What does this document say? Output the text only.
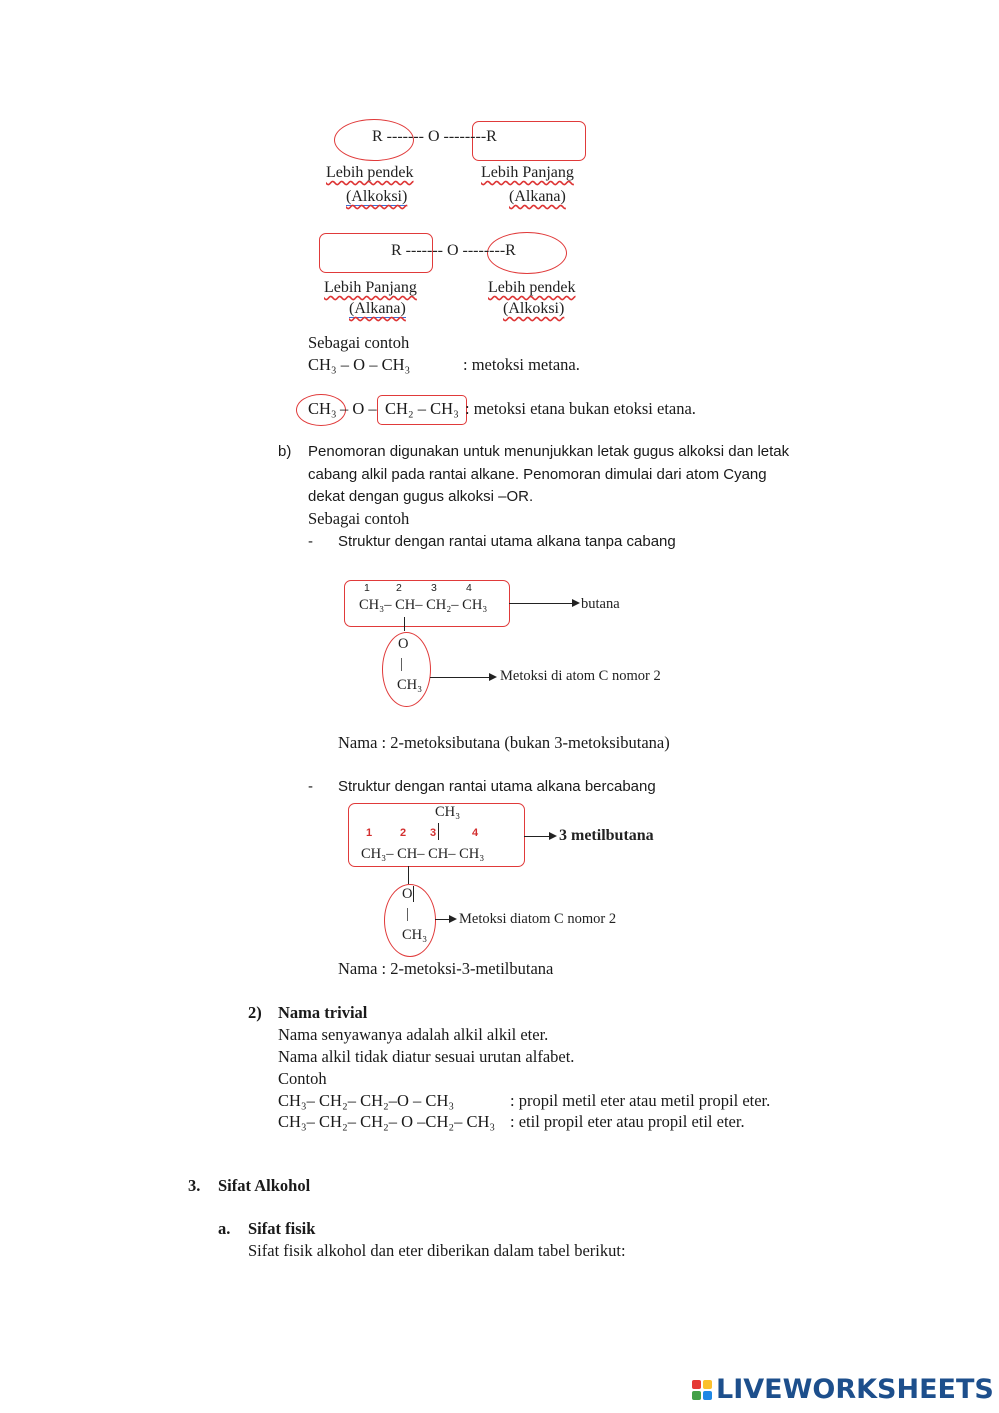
R ------- O --------R
Lebih pendek
(Alkoksi)
Lebih Panjang
(Alkana)
R ------- O --------R
Lebih Panjang
(Alkana)
Lebih pendek
(Alkoksi)
Sebagai contoh
CH₃ – O – CH₃	: metoksi metana.
CH₃ – O – CH₂ – CH₃ : metoksi etana bukan etoksi etana.
b) Penomoran digunakan untuk menunjukkan letak gugus alkoksi dan letak
cabang alkil pada rantai alkane. Penomoran dimulai dari atom Cyang
dekat dengan gugus alkoksi –OR.
Sebagai contoh
- Struktur dengan rantai utama alkana tanpa cabang
1 2	3	4
CH₃– CH– CH₂– CH₃	butana
O
|
CH₃
Metoksi di atom C nomor 2
Nama : 2-metoksibutana (bukan 3-metoksibutana)
- Struktur dengan rantai utama alkana bercabang
CH₃
1	2 3	4
CH₃– CH– CH– CH₃
3 metilbutana
O
|
CH₃
Metoksi diatom C nomor 2
Nama : 2-metoksi-3-metilbutana
2) Nama trivial
Nama senyawanya adalah alkil alkil eter.
Nama alkil tidak diatur sesuai urutan alfabet.
Contoh
CH₃– CH₂– CH₂–O – CH₃	: propil metil eter atau metil propil eter.
CH₃– CH₂– CH₂– O –CH₂– CH₃ : etil propil eter atau propil etil eter.
3. Sifat Alkohol
a. Sifat fisik
Sifat fisik alkohol dan eter diberikan dalam tabel berikut:
LIVEWORKSHEETS
